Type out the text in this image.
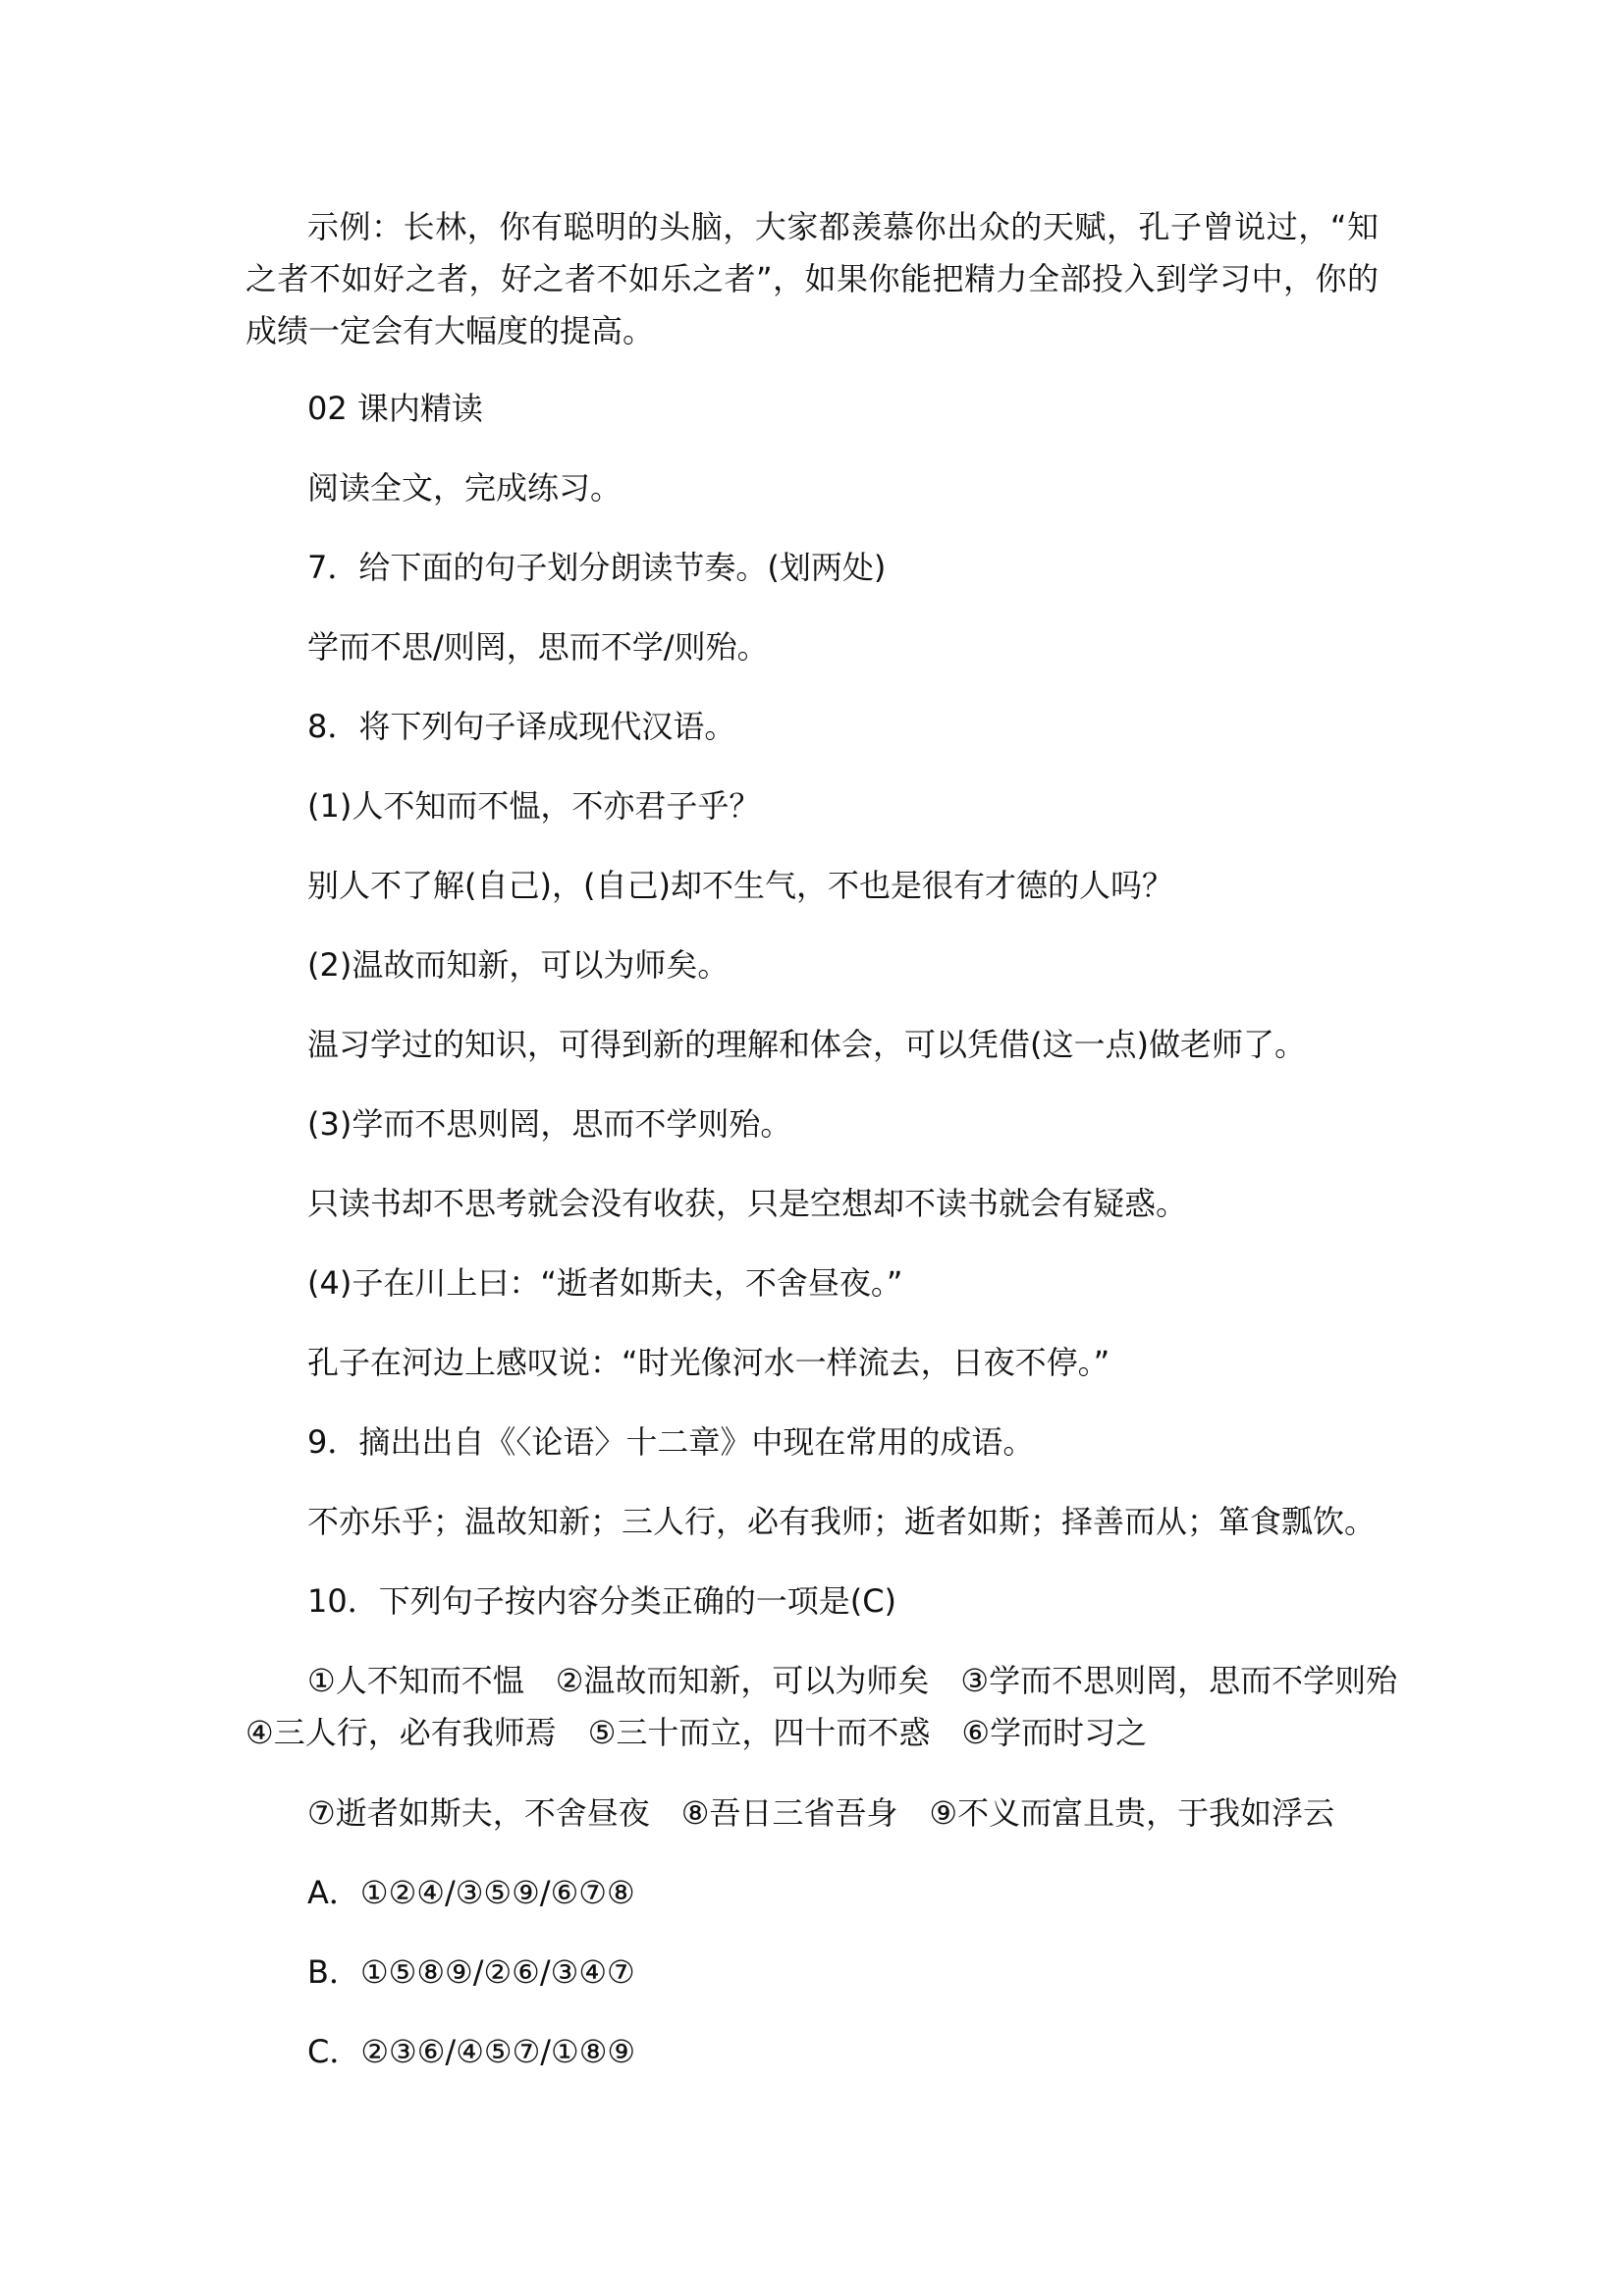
示例：长林，你有聪明的头脑，大家都羡慕你出众的天赋，孔子曾说过，“知之者不如好之者，好之者不如乐之者”，如果你能把精力全部投入到学习中，你的成绩一定会有大幅度的提高。
02 课内精读
阅读全文，完成练习。
7．给下面的句子划分朗读节奏。(划两处)
学而不思/则罔，思而不学/则殆。
8．将下列句子译成现代汉语。
(1)人不知而不愠，不亦君子乎？
别人不了解(自己)，(自己)却不生气，不也是很有才德的人吗？
(2)温故而知新，可以为师矣。
温习学过的知识，可得到新的理解和体会，可以凭借(这一点)做老师了。
(3)学而不思则罔，思而不学则殆。
只读书却不思考就会没有收获，只是空想却不读书就会有疑惑。
(4)子在川上曰：“逝者如斯夫，不舍昼夜。”
孔子在河边上感叹说：“时光像河水一样流去，日夜不停。”
9．摘出出自《〈论语〉十二章》中现在常用的成语。
不亦乐乎；温故知新；三人行，必有我师；逝者如斯；择善而从；箪食瓢饮。
10．下列句子按内容分类正确的一项是(C)
①人不知而不愠　②温故而知新，可以为师矣　③学而不思则罔，思而不学则殆
④三人行，必有我师焉　⑤三十而立，四十而不惑　⑥学而时习之
⑦逝者如斯夫，不舍昼夜　⑧吾日三省吾身　⑨不义而富且贵，于我如浮云
A．①②④/③⑤⑨/⑥⑦⑧
B．①⑤⑧⑨/②⑥/③④⑦
C．②③⑥/④⑤⑦/①⑧⑨
